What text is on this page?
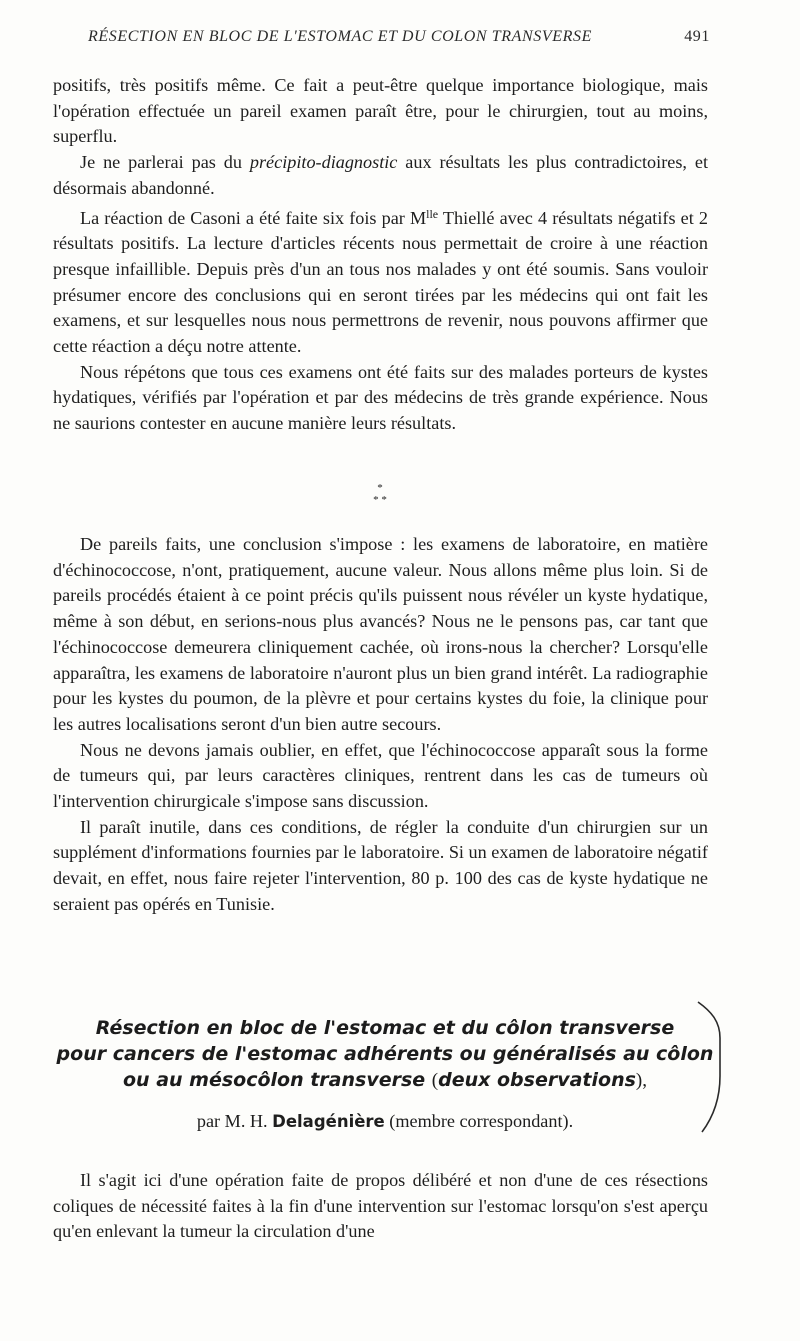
RÉSECTION EN BLOC DE L'ESTOMAC ET DU COLON TRANSVERSE	491

positifs, très positifs même. Ce fait a peut-être quelque importance biologique, mais l'opération effectuée un pareil examen paraît être, pour le chirurgien, tout au moins, superflu.

Je ne parlerai pas du précipito-diagnostic aux résultats les plus contradictoires, et désormais abandonné.

La réaction de Casoni a été faite six fois par $M^{lle}$ Thiellé avec 4 résultats négatifs et 2 résultats positifs. La lecture d'articles récents nous permettait de croire à une réaction presque infaillible. Depuis près d'un an tous nos malades y ont été soumis. Sans vouloir présumer encore des conclusions qui en seront tirées par les médecins qui ont fait les examens, et sur lesquelles nous nous permettrons de revenir, nous pouvons affirmer que cette réaction a déçu notre attente.

Nous répétons que tous ces examens ont été faits sur des malades porteurs de kystes hydatiques, vérifiés par l'opération et par des médecins de très grande expérience. Nous ne saurions contester en aucune manière leurs résultats.

*
* *

De pareils faits, une conclusion s'impose : les examens de laboratoire, en matière d'échinococcose, n'ont, pratiquement, aucune valeur. Nous allons même plus loin. Si de pareils procédés étaient à ce point précis qu'ils puissent nous révéler un kyste hydatique, même à son début, en serions-nous plus avancés? Nous ne le pensons pas, car tant que l'échinococcose demeurera cliniquement cachée, où irons-nous la chercher? Lorsqu'elle apparaîtra, les examens de laboratoire n'auront plus un bien grand intérêt. La radiographie pour les kystes du poumon, de la plèvre et pour certains kystes du foie, la clinique pour les autres localisations seront d'un bien autre secours.

Nous ne devons jamais oublier, en effet, que l'échinococcose apparaît sous la forme de tumeurs qui, par leurs caractères cliniques, rentrent dans les cas de tumeurs où l'intervention chirurgicale s'impose sans discussion.

Il paraît inutile, dans ces conditions, de régler la conduite d'un chirurgien sur un supplément d'informations fournies par le laboratoire. Si un examen de laboratoire négatif devait, en effet, nous faire rejeter l'intervention, 80 p. 100 des cas de kyste hydatique ne seraient pas opérés en Tunisie.

Résection en bloc de l'estomac et du côlon transverse
pour cancers de l'estomac adhérents ou généralisés au côlon
ou au mésocôlon transverse (deux observations),
par M. H. Delagénière (membre correspondant).

Il s'agit ici d'une opération faite de propos délibéré et non d'une de ces résections coliques de nécessité faites à la fin d'une intervention sur l'estomac lorsqu'on s'est aperçu qu'en enlevant la tumeur la circulation d'une
